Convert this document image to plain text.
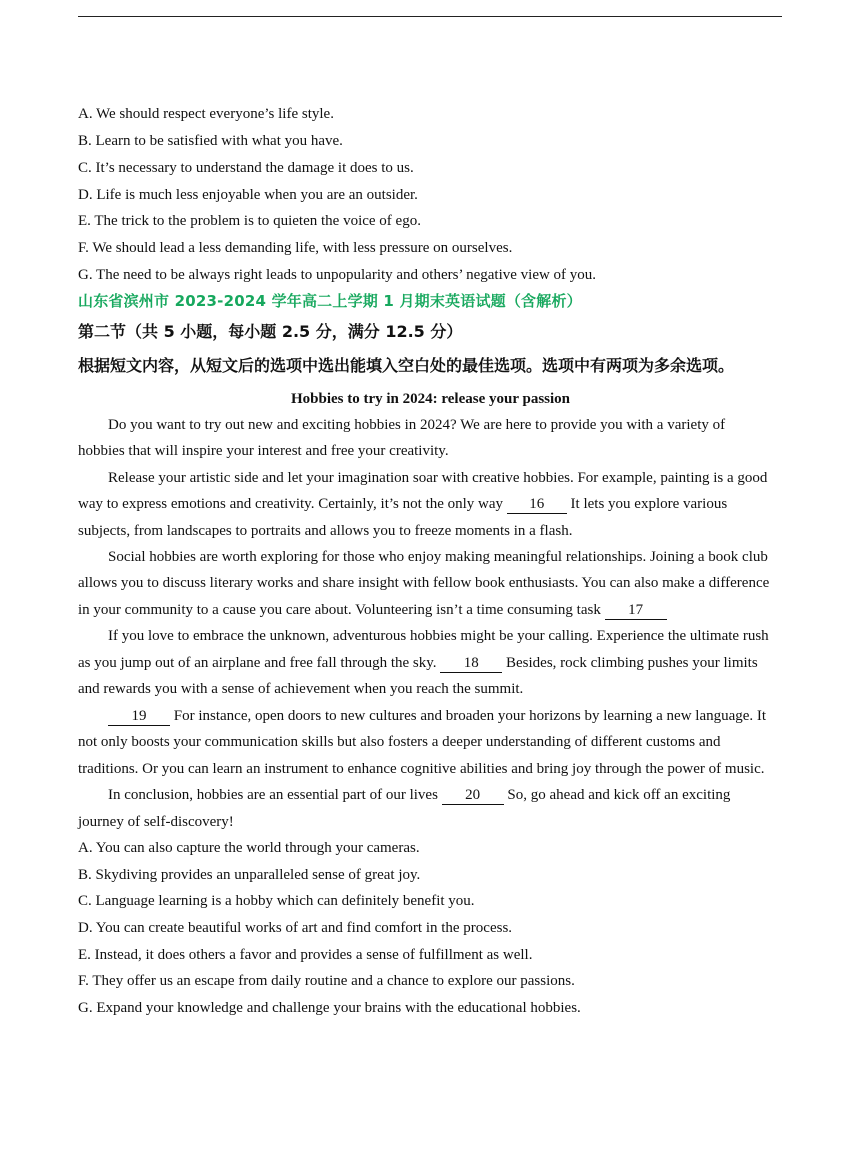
A. We should respect everyone’s life style.
B. Learn to be satisfied with what you have.
C. It’s necessary to understand the damage it does to us.
D. Life is much less enjoyable when you are an outsider.
E. The trick to the problem is to quieten the voice of ego.
F. We should lead a less demanding life, with less pressure on ourselves.
G. The need to be always right leads to unpopularity and others’ negative view of you.
山东省滨州市 2023-2024 学年高二上学期 1 月期末英语试题（含解析）
第二节（共 5 小题，每小题 2.5 分，满分 12.5 分）
根据短文内容，从短文后的选项中选出能填入空白处的最佳选项。选项中有两项为多余选项。
Hobbies to try in 2024: release your passion
Do you want to try out new and exciting hobbies in 2024? We are here to provide you with a variety of
hobbies that will inspire your interest and free your creativity.
Release your artistic side and let your imagination soar with creative hobbies. For example, painting is a good
way to express emotions and creativity. Certainly, it’s not the only way 16 It lets you explore various
subjects, from landscapes to portraits and allows you to freeze moments in a flash.
Social hobbies are worth exploring for those who enjoy making meaningful relationships. Joining a book club
allows you to discuss literary works and share insight with fellow book enthusiasts. You can also make a difference
in your community to a cause you care about. Volunteering isn’t a time consuming task 17
If you love to embrace the unknown, adventurous hobbies might be your calling. Experience the ultimate rush
as you jump out of an airplane and free fall through the sky. 18 Besides, rock climbing pushes your limits
and rewards you with a sense of achievement when you reach the summit.
19 For instance, open doors to new cultures and broaden your horizons by learning a new language. It
not only boosts your communication skills but also fosters a deeper understanding of different customs and
traditions. Or you can learn an instrument to enhance cognitive abilities and bring joy through the power of music.
In conclusion, hobbies are an essential part of our lives 20 So, go ahead and kick off an exciting
journey of self-discovery!
A. You can also capture the world through your cameras.
B. Skydiving provides an unparalleled sense of great joy.
C. Language learning is a hobby which can definitely benefit you.
D. You can create beautiful works of art and find comfort in the process.
E. Instead, it does others a favor and provides a sense of fulfillment as well.
F. They offer us an escape from daily routine and a chance to explore our passions.
G. Expand your knowledge and challenge your brains with the educational hobbies.
